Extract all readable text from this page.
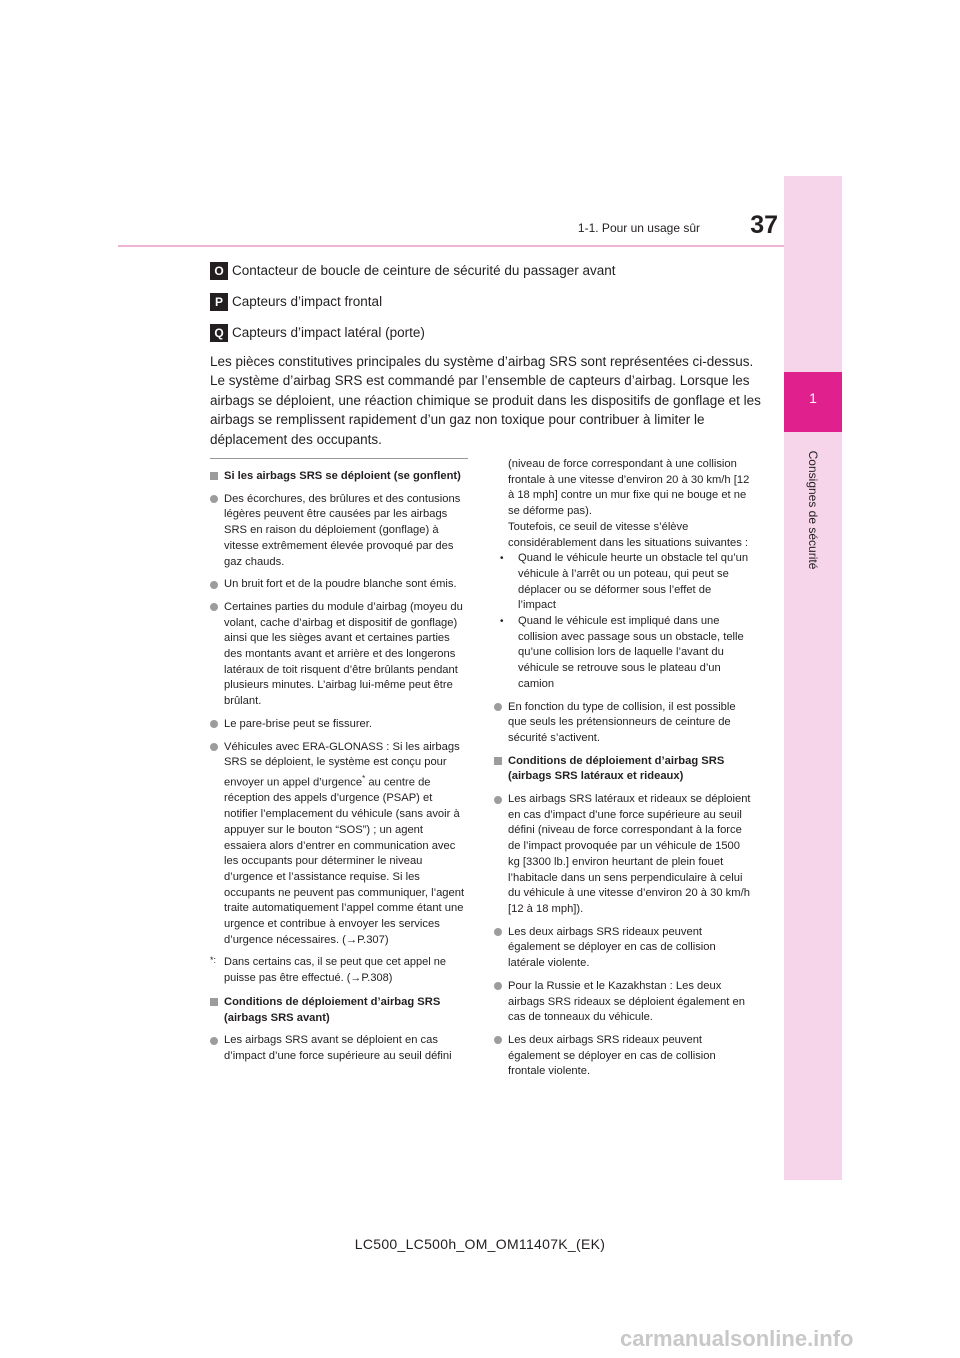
1
Consignes de sécurité
1-1. Pour un usage sûr	37
O Contacteur de boucle de ceinture de sécurité du passager avant
P Capteurs d’impact frontal
Q Capteurs d’impact latéral (porte)
Les pièces constitutives principales du système d’airbag SRS sont représentées ci-dessus. Le système d’airbag SRS est commandé par l’ensemble de capteurs d’airbag. Lorsque les airbags se déploient, une réaction chimique se produit dans les dispositifs de gonflage et les airbags se remplissent rapidement d’un gaz non toxique pour contribuer à limiter le déplacement des occupants.
Si les airbags SRS se déploient (se gonflent)
Des écorchures, des brûlures et des contusions légères peuvent être causées par les airbags SRS en raison du déploiement (gonflage) à vitesse extrêmement élevée provoqué par des gaz chauds.
Un bruit fort et de la poudre blanche sont émis.
Certaines parties du module d’airbag (moyeu du volant, cache d’airbag et dispositif de gonflage) ainsi que les sièges avant et certaines parties des montants avant et arrière et des longerons latéraux de toit risquent d’être brûlants pendant plusieurs minutes. L’airbag lui-même peut être brûlant.
Le pare-brise peut se fissurer.
Véhicules avec ERA-GLONASS : Si les airbags SRS se déploient, le système est conçu pour envoyer un appel d’urgence* au centre de réception des appels d’urgence (PSAP) et notifier l’emplacement du véhicule (sans avoir à appuyer sur le bouton “SOS”) ; un agent essaiera alors d’entrer en communication avec les occupants pour déterminer le niveau d’urgence et l’assistance requise. Si les occupants ne peuvent pas communiquer, l’agent traite automatiquement l’appel comme étant une urgence et contribue à envoyer les services d’urgence nécessaires. (→P.307)
*: Dans certains cas, il se peut que cet appel ne puisse pas être effectué. (→P.308)
Conditions de déploiement d’airbag SRS (airbags SRS avant)
Les airbags SRS avant se déploient en cas d’impact d’une force supérieure au seuil défini
(niveau de force correspondant à une collision frontale à une vitesse d’environ 20 à 30 km/h [12 à 18 mph] contre un mur fixe qui ne bouge et ne se déforme pas).
Toutefois, ce seuil de vitesse s’élève considérablement dans les situations suivantes :
• Quand le véhicule heurte un obstacle tel qu’un véhicule à l’arrêt ou un poteau, qui peut se déplacer ou se déformer sous l’effet de l’impact
• Quand le véhicule est impliqué dans une collision avec passage sous un obstacle, telle qu’une collision lors de laquelle l’avant du véhicule se retrouve sous le plateau d’un camion
En fonction du type de collision, il est possible que seuls les prétensionneurs de ceinture de sécurité s’activent.
Conditions de déploiement d’airbag SRS (airbags SRS latéraux et rideaux)
Les airbags SRS latéraux et rideaux se déploient en cas d’impact d’une force supérieure au seuil défini (niveau de force correspondant à la force de l’impact provoquée par un véhicule de 1500 kg [3300 lb.] environ heurtant de plein fouet l’habitacle dans un sens perpendiculaire à celui du véhicule à une vitesse d’environ 20 à 30 km/h [12 à 18 mph]).
Les deux airbags SRS rideaux peuvent également se déployer en cas de collision latérale violente.
Pour la Russie et le Kazakhstan : Les deux airbags SRS rideaux se déploient également en cas de tonneaux du véhicule.
Les deux airbags SRS rideaux peuvent également se déployer en cas de collision frontale violente.
LC500_LC500h_OM_OM11407K_(EK)
carmanualsonline.info
